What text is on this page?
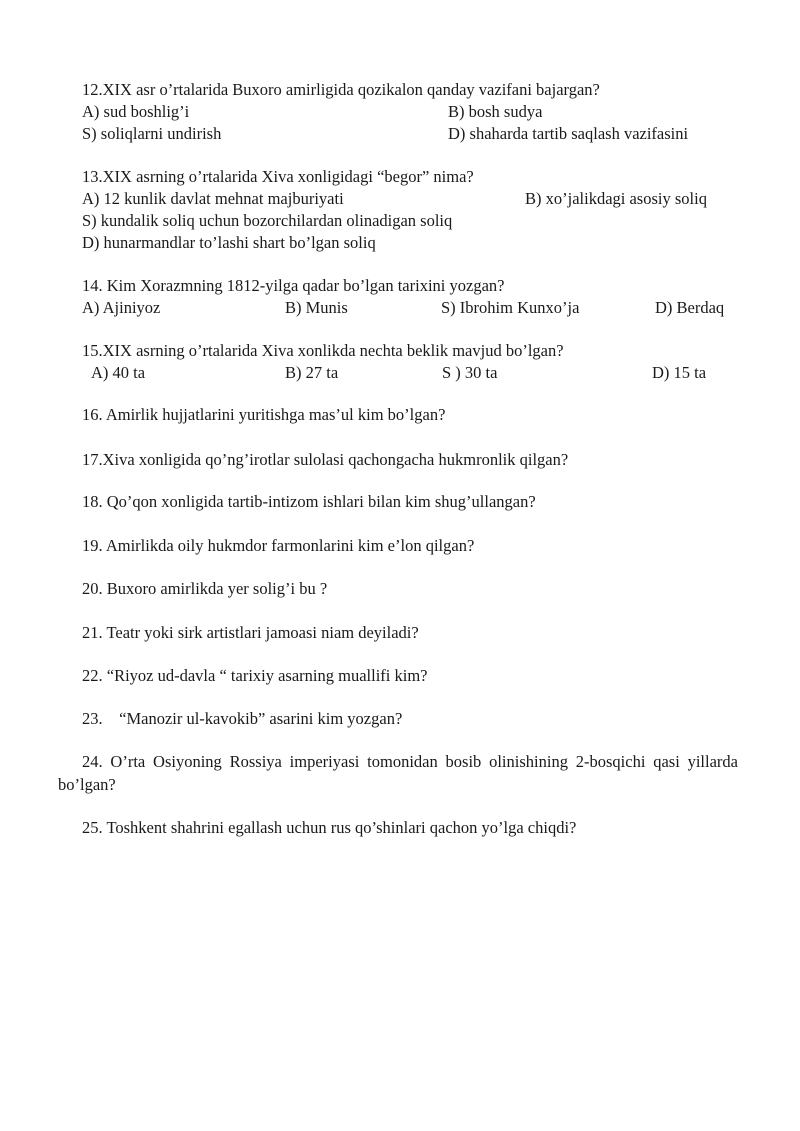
12.XIX asr o’rtalarida Buxoro amirligida qozikalon qanday vazifani bajargan?
A) sud boshlig’i	B) bosh sudya
S) soliqlarni undirish	D) shaharda tartib saqlash vazifasini
13.XIX asrning o’rtalarida Xiva xonligidagi “begor” nima?
A) 12 kunlik davlat mehnat majburiyati	B) xo’jalikdagi asosiy soliq
S) kundalik soliq uchun bozorchilardan olinadigan soliq
D) hunarmandlar to’lashi shart bo’lgan soliq
14. Kim Xorazmning 1812-yilga qadar bo’lgan tarixini yozgan?
A) Ajiniyoz	B) Munis	S) Ibrohim Kunxo’ja	D) Berdaq
15.XIX asrning o’rtalarida Xiva xonlikda nechta beklik mavjud bo’lgan?
A) 40 ta	B) 27 ta	S ) 30 ta	D) 15 ta
16. Amirlik hujjatlarini yuritishga mas’ul kim bo’lgan?
17.Xiva xonligida qo’ng’irotlar sulolasi qachongacha hukmronlik qilgan?
18. Qo’qon xonligida tartib-intizom ishlari bilan kim shug’ullangan?
19. Amirlikda oily hukmdor farmonlarini kim e’lon qilgan?
20. Buxoro amirlikda yer solig’i bu ?
21. Teatr yoki sirk artistlari jamoasi niam deyiladi?
22. “Riyoz ud-davla “ tarixiy asarning muallifi kim?
23.    “Manozir ul-kavokib” asarini kim yozgan?
24. O’rta Osiyoning Rossiya imperiyasi tomonidan bosib olinishining 2-bosqichi qasi yillarda bo’lgan?
25. Toshkent shahrini egallash uchun rus qo’shinlari qachon yo’lga chiqdi?
